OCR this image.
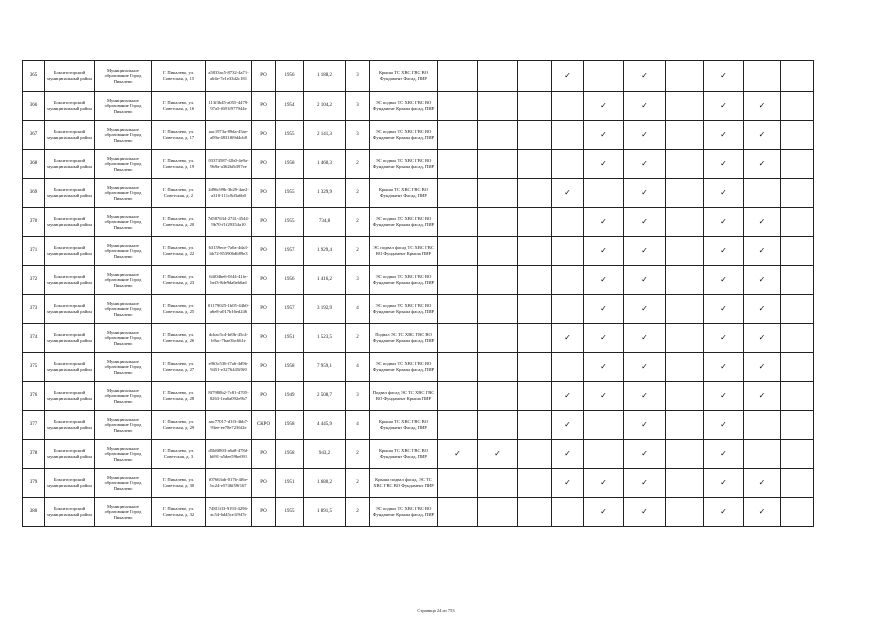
365	Бокситогорский муниципальный район	Муниципальное образование Город Пикалево	Г. Пикалево, ул. Советская, д. 15	a5833ac5-8732-4a71-a64e-7e1e33d2c181	РО	1956	1 188,2	3	Крыша ТС ХВС ГВС ВО Фундамент Фасад, ПИР				✓		✓		✓		
366	Бокситогорский муниципальный район	Муниципальное образование Город Пикалево	Г. Пикалево, ул. Советская, д. 16	113f3b45-a055-4479-97a5-f691f977944e	РО	1954	2 104,2	3	ЭС подвал ТС ХВС ГВС ВО Фундамент Крыша фасад, ПИР					✓	✓		✓	✓	
367	Бокситогорский муниципальный район	Муниципальное образование Город Пикалево	Г. Пикалево, ул. Советская, д. 17	aac1973a-89da-45ae-a09a-4831f69d4cb8	РО	1955	2 141,3	3	ЭС подвал ТС ХВС ГВС ВО Фундамент Крыша фасад, ПИР					✓	✓		✓	✓	
368	Бокситогорский муниципальный район	Муниципальное образование Город Пикалево	Г. Пикалево, ул. Советская, д. 19	03374587-f2b0-4e9a-9b9a-a362bfb397ee	РО	1958	1 460,3	2	ЭС подвал ТС ХВС ГВС ВО Фундамент Крыша фасад, ПИР					✓	✓		✓	✓	
369	Бокситогорский муниципальный район	Муниципальное образование Город Пикалево	Г. Пикалево, ул. Советская, д. 2	2d96c99b-3b29-4ae2-a310-111c8d3a6b0	РО	1955	1 329,9	2	Крыша ТС ХВС ГВС ВО Фундамент Фасад, ПИР				✓		✓		✓		
370	Бокситогорский муниципальный район	Муниципальное образование Город Пикалево	Г. Пикалево, ул. Советская, д. 20	7d587634-2741-4544-9b70-f1f29354a10	РО	1955	734,8	2	ЭС подвал ТС ХВС ГВС ВО Фундамент Крыша фасад, ПИР					✓	✓		✓	✓	
371	Бокситогорский муниципальный район	Муниципальное образование Город Пикалево	Г. Пикалево, ул. Советская, д. 22	63159ece-7a0a-4da3-bb72-853906d689e3	РО	1957	1 929,4	2	ЭС подвал фасад ТС ХВС ГВС ВО Фундамент Крыша ПИР					✓	✓		✓	✓	
372	Бокситогорский муниципальный район	Муниципальное образование Город Пикалево	Г. Пикалево, ул. Советская, д. 23	64f04be6-0f44-41fe-bef3-8de9da6eb6ad	РО	1956	1 416,2	3	ЭС подвал ТС ХВС ГВС ВО Фундамент Крыша фасад, ПИР					✓	✓		✓	✓	
373	Бокситогорский муниципальный район	Муниципальное образование Город Пикалево	Г. Пикалево, ул. Советская, д. 25	01179025-1b05-44b0-a6e8-a017b16ed246	РО	1957	3 192,9	4	ЭС подвал ТС ХВС ГВС ВО Фундамент Крыша фасад, ПИР					✓	✓		✓	✓	
374	Бокситогорский муниципальный район	Муниципальное образование Город Пикалево	Г. Пикалево, ул. Советская, д. 26	dcbac5c4-bf0b-45c4-b9ac-7bae3bc661e	РО	1951	1 523,5	2	Подвал ЭС ТС ХВС ГВС ВО Фундамент Крыша фасад, ПИР				✓	✓	✓		✓	✓	
375	Бокситогорский муниципальный район	Муниципальное образование Город Пикалево	Г. Пикалево, ул. Советская, д. 27	e963c536-f7a6-4d9b-9451-e3276445f0f0	РО	1958	7 959,1	4	ЭС подвал ТС ХВС ГВС ВО Фундамент Крыша фасад, ПИР					✓	✓		✓	✓	
376	Бокситогорский муниципальный район	Муниципальное образование Город Пикалево	Г. Пикалево, ул. Советская, д. 28	8f7980b2-7c81-4705-8263-1ea6a092e9b7	РО	1949	2 508,7	3	Подвал фасад ЭС ТС ХВС ГВС ВО Фундамент Крыша ПИР				✓	✓	✓		✓	✓	
377	Бокситогорский муниципальный район	Муниципальное образование Город Пикалево	Г. Пикалево, ул. Советская, д. 29	aac77017-d1f3-4bb7-93ee-ee78e7236f2e	СКРО	1958	4 445,9	4	Крыша ТС ХВС ГВС ВО Фундамент Фасад, ПИР				✓		✓		✓		
378	Бокситогорский муниципальный район	Муниципальное образование Город Пикалево	Г. Пикалево, ул. Советская, д. 3	d5b8f803-a6a8-478d-b691-a5dee59be091	РО	1958	943,2	2	Крыша ТС ХВС ГВС ВО Фундамент Фасад, ПИР	✓	✓		✓		✓		✓		
379	Бокситогорский муниципальный район	Муниципальное образование Город Пикалево	Г. Пикалево, ул. Советская, д. 30	f07663ab-017b-4f6e-bc24-e5746f59f167	РО	1951	1 680,2	2	Крыша подвал фасад, ЭС ТС ХВС ГВС ВО Фундамент ПИР				✓	✓	✓		✓	✓	
380	Бокситогорский муниципальный район	Муниципальное образование Город Пикалево	Г. Пикалево, ул. Советская, д. 32	74811ff3-9193-4296-ac54-6d45ce1f947e	РО	1955	1 891,5	2	ЭС подвал ТС ХВС ГВС ВО Фундамент Крыша фасад, ПИР					✓	✓		✓	✓	
Страница 24 из 753
